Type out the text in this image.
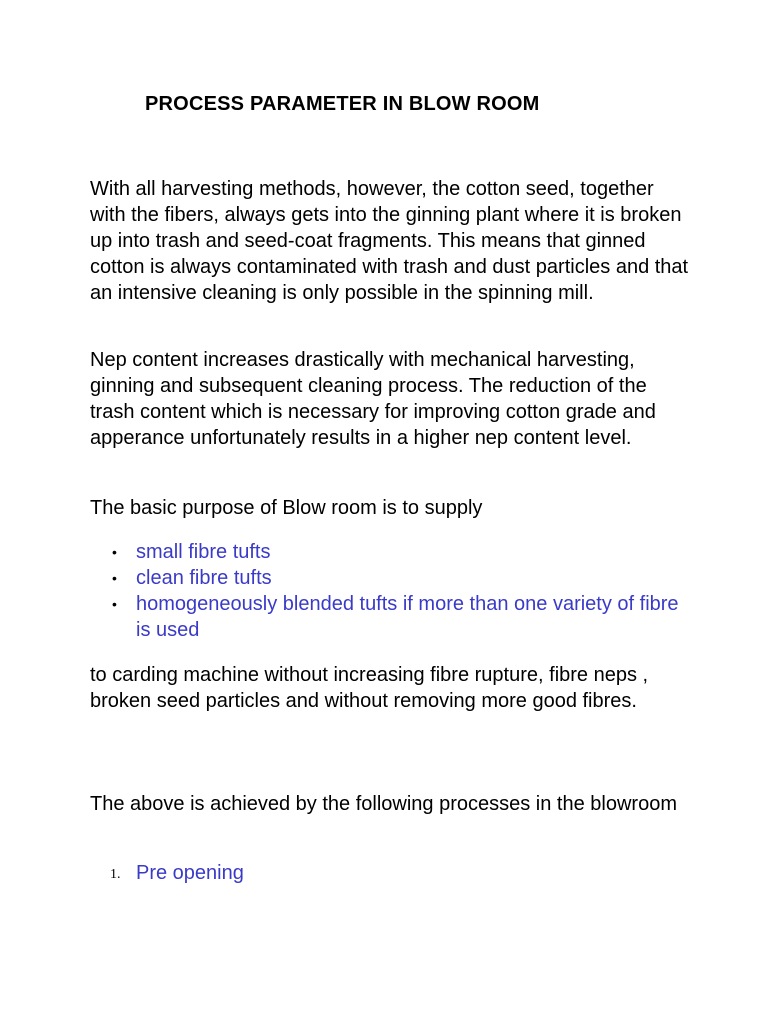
PROCESS PARAMETER IN BLOW ROOM

With all harvesting methods, however, the cotton seed, together with the fibers, always gets into the ginning plant where it is broken up into trash and seed-coat fragments. This means that ginned cotton is always contaminated with trash and dust particles and that an intensive cleaning is only possible in the spinning mill.

Nep content increases drastically with mechanical harvesting, ginning and subsequent cleaning process. The reduction of the trash content which is necessary for improving cotton grade and apperance unfortunately results in a higher nep content level.

The basic purpose of Blow room is to supply

• small fibre tufts
• clean fibre tufts
• homogeneously blended tufts if more than one variety of fibre is used

to carding machine without increasing fibre rupture, fibre neps , broken seed particles and without removing more good fibres.

The above is achieved by the following processes in the blowroom

1. Pre opening
